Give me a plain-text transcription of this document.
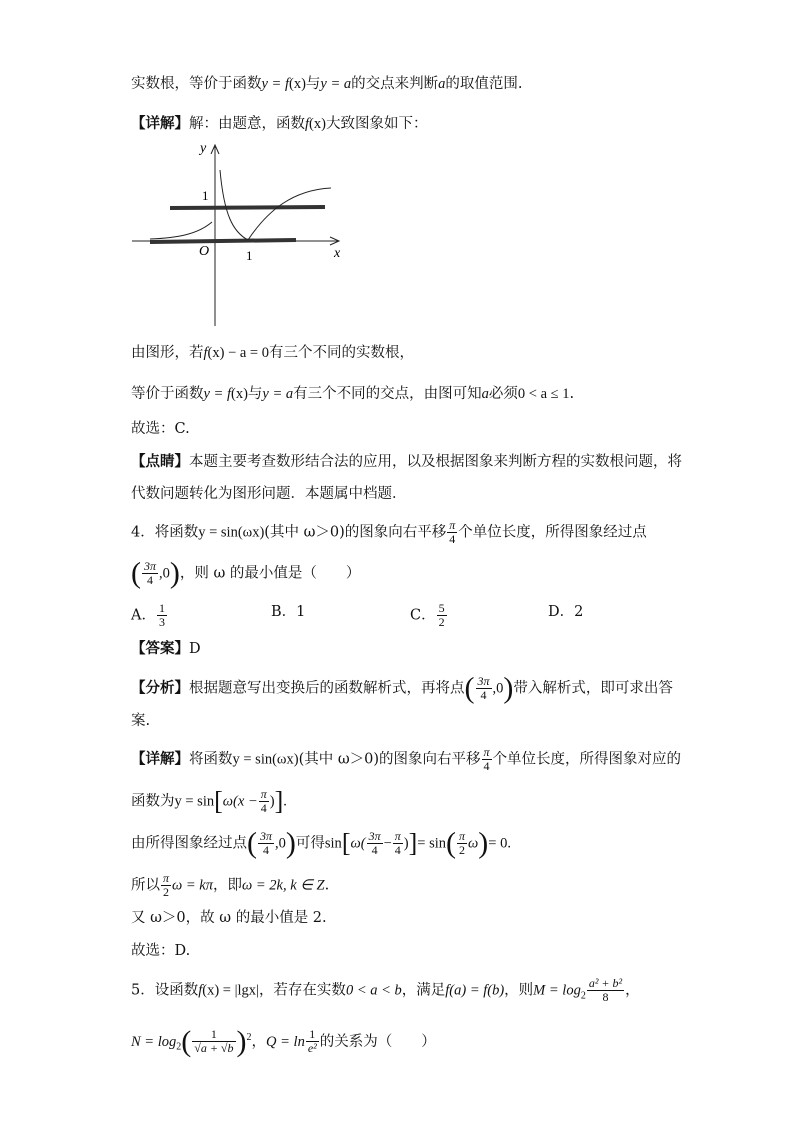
实数根，等价于函数y = f(x)与y = a的交点来判断a的取值范围.
【详解】解：由题意，函数f(x)大致图象如下：
y
x
O
1
1
由图形，若f(x) − a = 0有三个不同的实数根，
等价于函数y = f(x)与y = a有三个不同的交点，由图可知a必须0 < a ≤ 1.
故选：C.
【点睛】本题主要考查数形结合法的应用，以及根据图象来判断方程的实数根问题，将
代数问题转化为图形问题．本题属中档题．
4．将函数y = sin(ωx)(其中 ω＞0)的图象向右平移 $\frac{\pi}{4}$ 个单位长度，所得图象经过点
( $\frac{3\pi}{4} ,0$)，则 ω 的最小值是（　　）
A． $\frac{1}{3}$	B．1	C． $\frac{5}{2}$	D．2
【答案】D
【分析】根据题意写出变换后的函数解析式，再将点( $\frac{3\pi}{4} ,0$)带入解析式，即可求出答
案.
【详解】将函数y = sin(ωx)(其中 ω＞0)的图象向右平移 $\frac{\pi}{4}$ 个单位长度，所得图象对应的
函数为$y = \sin[\omega(x - \frac{\pi}{4}$ )].
由所得图象经过点( $\frac{3\pi}{4} ,0$)可得$\sin[\omega( \frac{3\pi}{4} - \frac{\pi}{4}$ )]= $\sin( \frac{\pi}{2} \omega)= 0$.
所以 $\frac{\pi}{2}$ ω = kπ，即ω = 2k, k ∈ Z.
又 ω＞0，故 ω 的最小值是 2.
故选：D.
5．设函数f(x) = |lgx|，若存在实数0 < a < b，满足f(a) = f(b)，则$M = \log_2 \frac{\text{a² + b²}}{8}$ ，
$N = \log_2( \frac{1}{√a + √b} )^2$，$Q = \ln \frac{1}{\text{e²}}$ 的关系为（　　）
